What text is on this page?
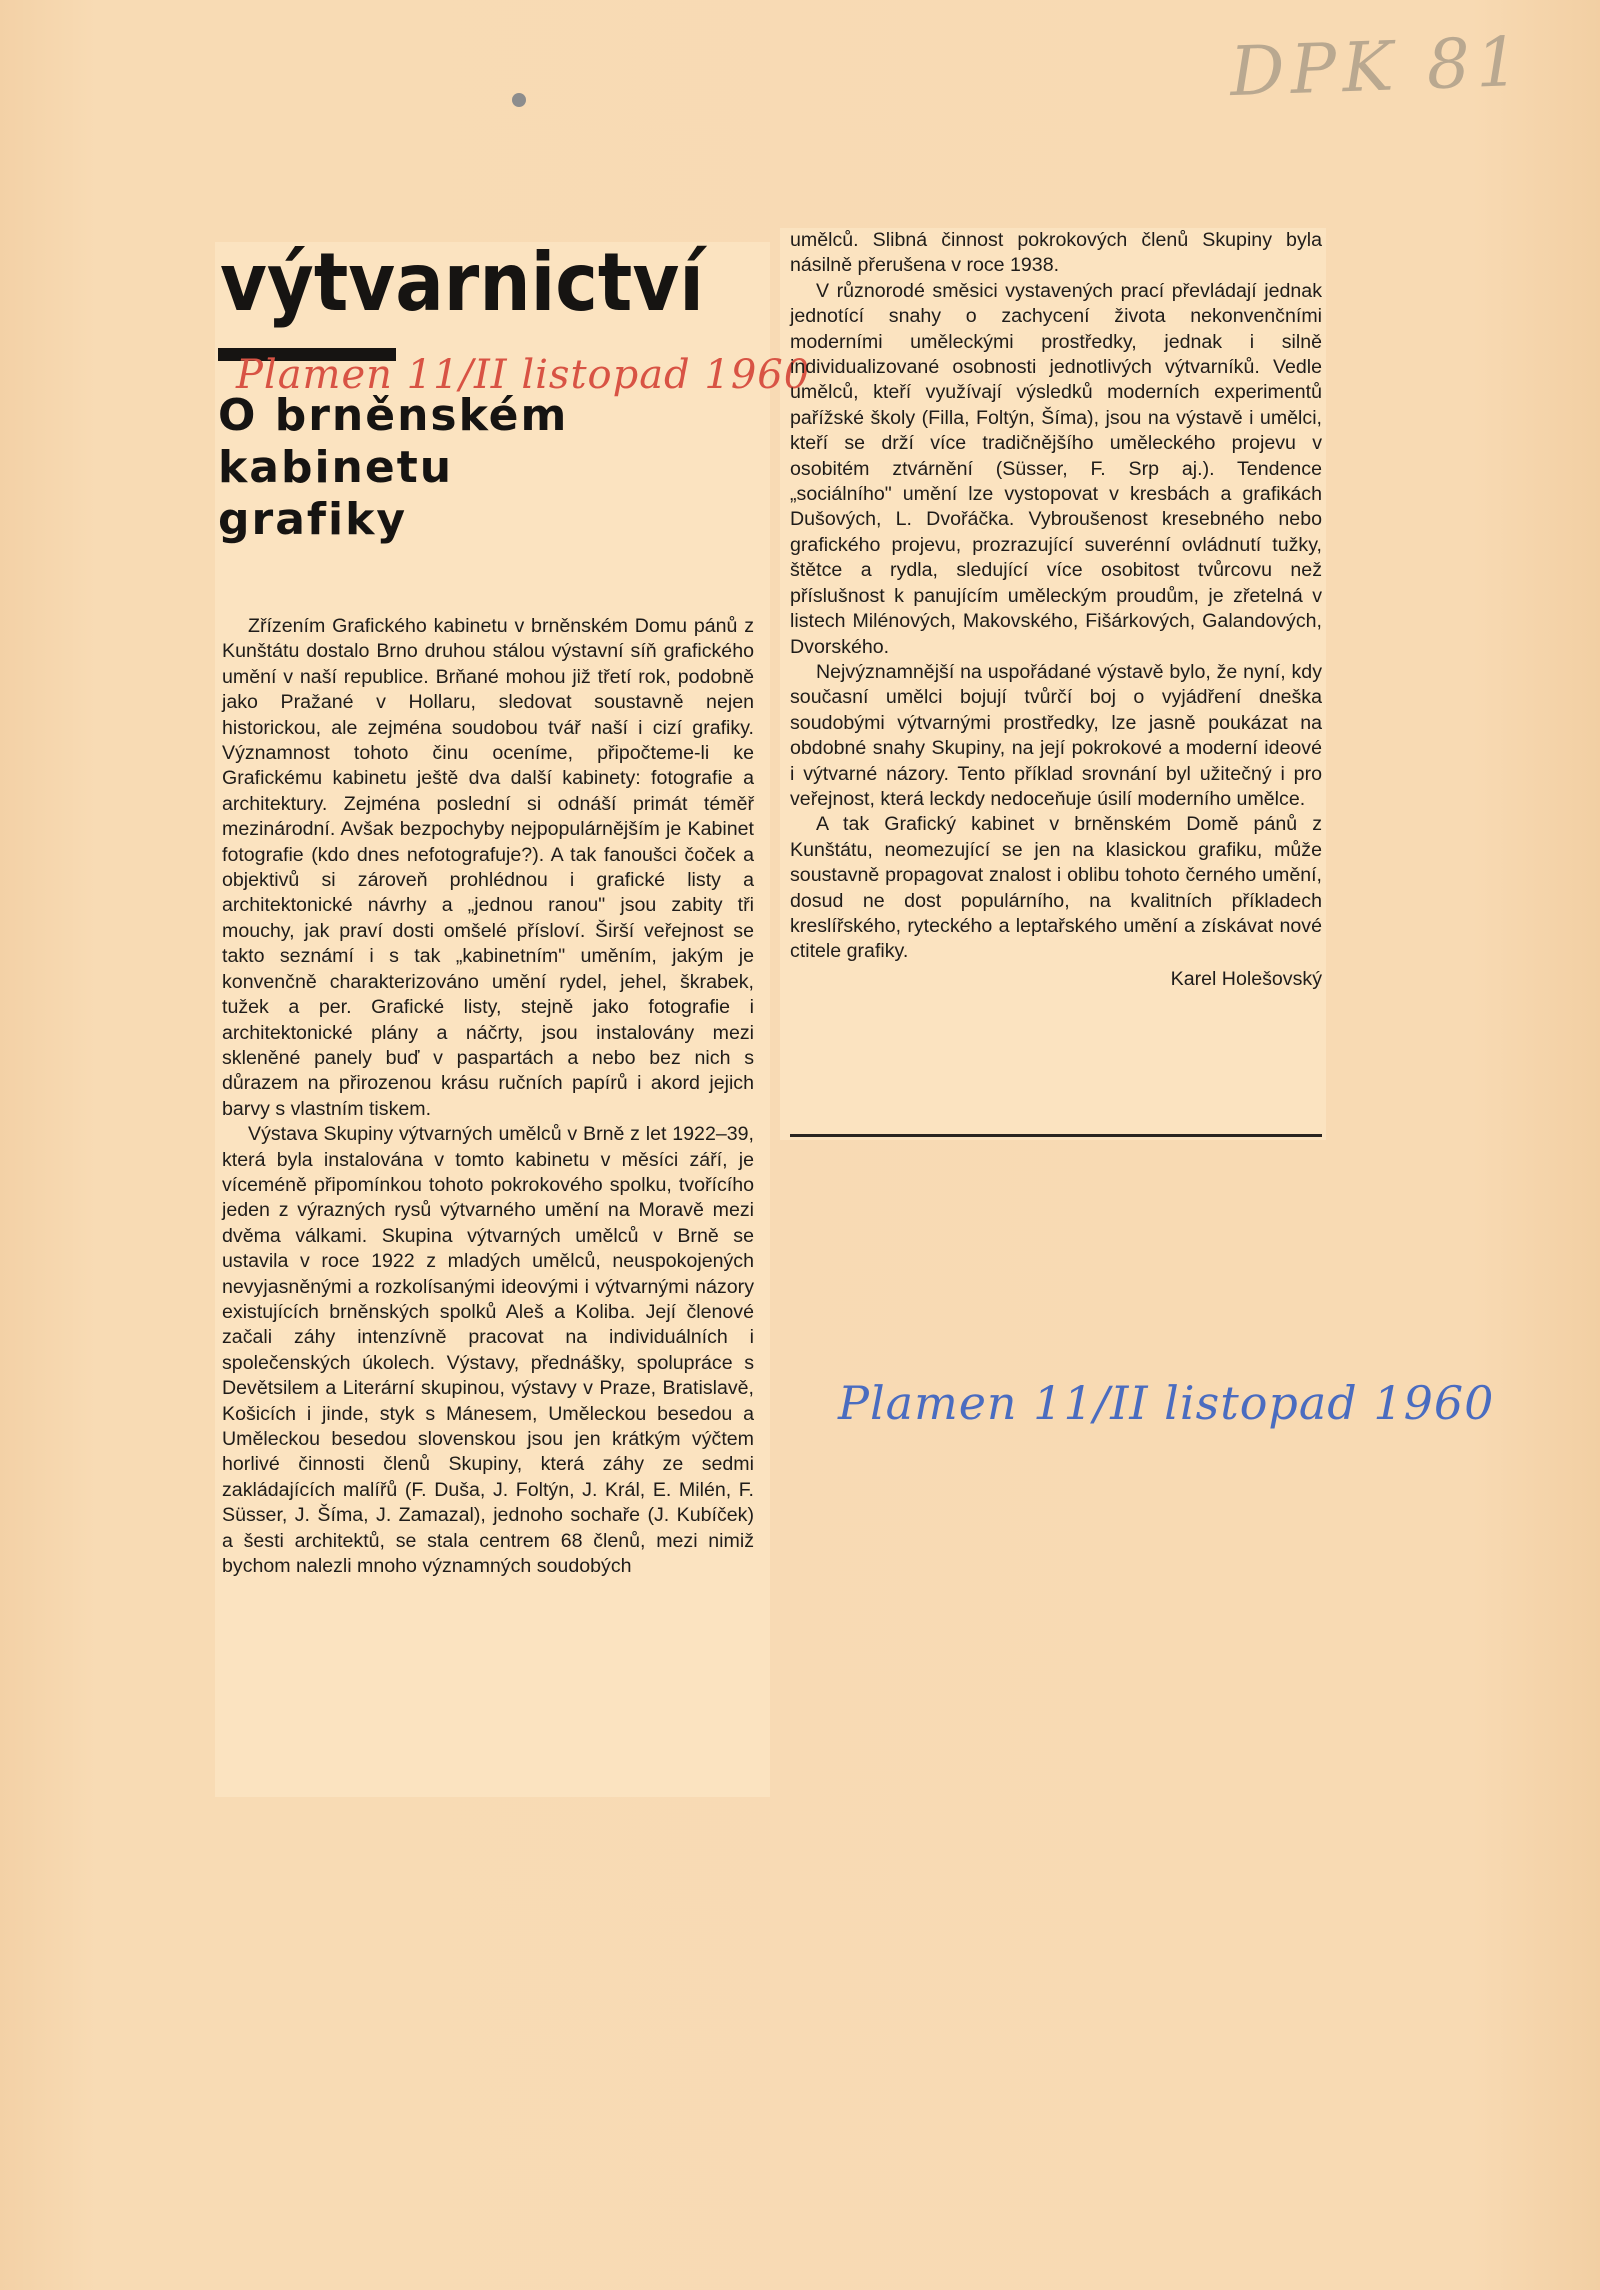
DPK 81
výtvarnictví
Plamen 11/II listopad 1960
O brněnském
kabinetu
grafiky

Zřízením Grafického kabinetu v brněnském Domu pánů z Kunštátu dostalo Brno druhou stálou výstavní síň grafického umění v naší republice. Brňané mohou již třetí rok, podobně jako Pražané v Hollaru, sledovat soustavně nejen historickou, ale zejména soudobou tvář naší i cizí grafiky. Významnost tohoto činu oceníme, připočteme-li ke Grafickému kabinetu ještě dva další kabinety: fotografie a architektury. Zejména poslední si odnáší primát téměř mezinárodní. Avšak bezpochyby nejpopulárnějším je Kabinet fotografie (kdo dnes nefotografuje?). A tak fanoušci čoček a objektivů si zároveň prohlédnou i grafické listy a architektonické návrhy a „jednou ranou" jsou zabity tři mouchy, jak praví dosti omšelé přísloví. Širší veřejnost se takto seznámí i s tak „kabinetním" uměním, jakým je konvenčně charakterizováno umění rydel, jehel, škrabek, tužek a per. Grafické listy, stejně jako fotografie i architektonické plány a náčrty, jsou instalovány mezi skleněné panely buď v paspartách a nebo bez nich s důrazem na přirozenou krásu ručních papírů i akord jejich barvy s vlastním tiskem.

Výstava Skupiny výtvarných umělců v Brně z let 1922–39, která byla instalována v tomto kabinetu v měsíci září, je víceméně připomínkou tohoto pokrokového spolku, tvořícího jeden z výrazných rysů výtvarného umění na Moravě mezi dvěma válkami. Skupina výtvarných umělců v Brně se ustavila v roce 1922 z mladých umělců, neuspokojených nevyjasněnými a rozkolísanými ideovými i výtvarnými názory existujících brněnských spolků Aleš a Koliba. Její členové začali záhy intenzívně pracovat na individuálních i společenských úkolech. Výstavy, přednášky, spolupráce s Devětsilem a Literární skupinou, výstavy v Praze, Bratislavě, Košicích i jinde, styk s Mánesem, Uměleckou besedou a Uměleckou besedou slovenskou jsou jen krátkým výčtem horlivé činnosti členů Skupiny, která záhy ze sedmi zakládajících malířů (F. Duša, J. Foltýn, J. Král, E. Milén, F. Süsser, J. Šíma, J. Zamazal), jednoho sochaře (J. Kubíček) a šesti architektů, se stala centrem 68 členů, mezi nimiž bychom nalezli mnoho významných soudobých

umělců. Slibná činnost pokrokových členů Skupiny byla násilně přerušena v roce 1938.

V různorodé směsici vystavených prací převládají jednak jednotící snahy o zachycení života nekonvenčními moderními uměleckými prostředky, jednak i silně individualizované osobnosti jednotlivých výtvarníků. Vedle umělců, kteří využívají výsledků moderních experimentů pařížské školy (Filla, Foltýn, Šíma), jsou na výstavě i umělci, kteří se drží více tradičnějšího uměleckého projevu v osobitém ztvárnění (Süsser, F. Srp aj.). Tendence „sociálního" umění lze vystopovat v kresbách a grafikách Dušových, L. Dvořáčka. Vybroušenost kresebného nebo grafického projevu, prozrazující suverénní ovládnutí tužky, štětce a rydla, sledující více osobitost tvůrcovu než příslušnost k panujícím uměleckým proudům, je zřetelná v listech Milénových, Makovského, Fišárkových, Galandových, Dvorského.

Nejvýznamnější na uspořádané výstavě bylo, že nyní, kdy současní umělci bojují tvůrčí boj o vyjádření dneška soudobými výtvarnými prostředky, lze jasně poukázat na obdobné snahy Skupiny, na její pokrokové a moderní ideové i výtvarné názory. Tento příklad srovnání byl užitečný i pro veřejnost, která leckdy nedoceňuje úsilí moderního umělce.

A tak Grafický kabinet v brněnském Domě pánů z Kunštátu, neomezující se jen na klasickou grafiku, může soustavně propagovat znalost i oblibu tohoto černého umění, dosud ne dost populárního, na kvalitních příkladech kreslířského, ryteckého a leptařského umění a získávat nové ctitele grafiky.

Karel Holešovský
Plamen 11/II listopad 1960
